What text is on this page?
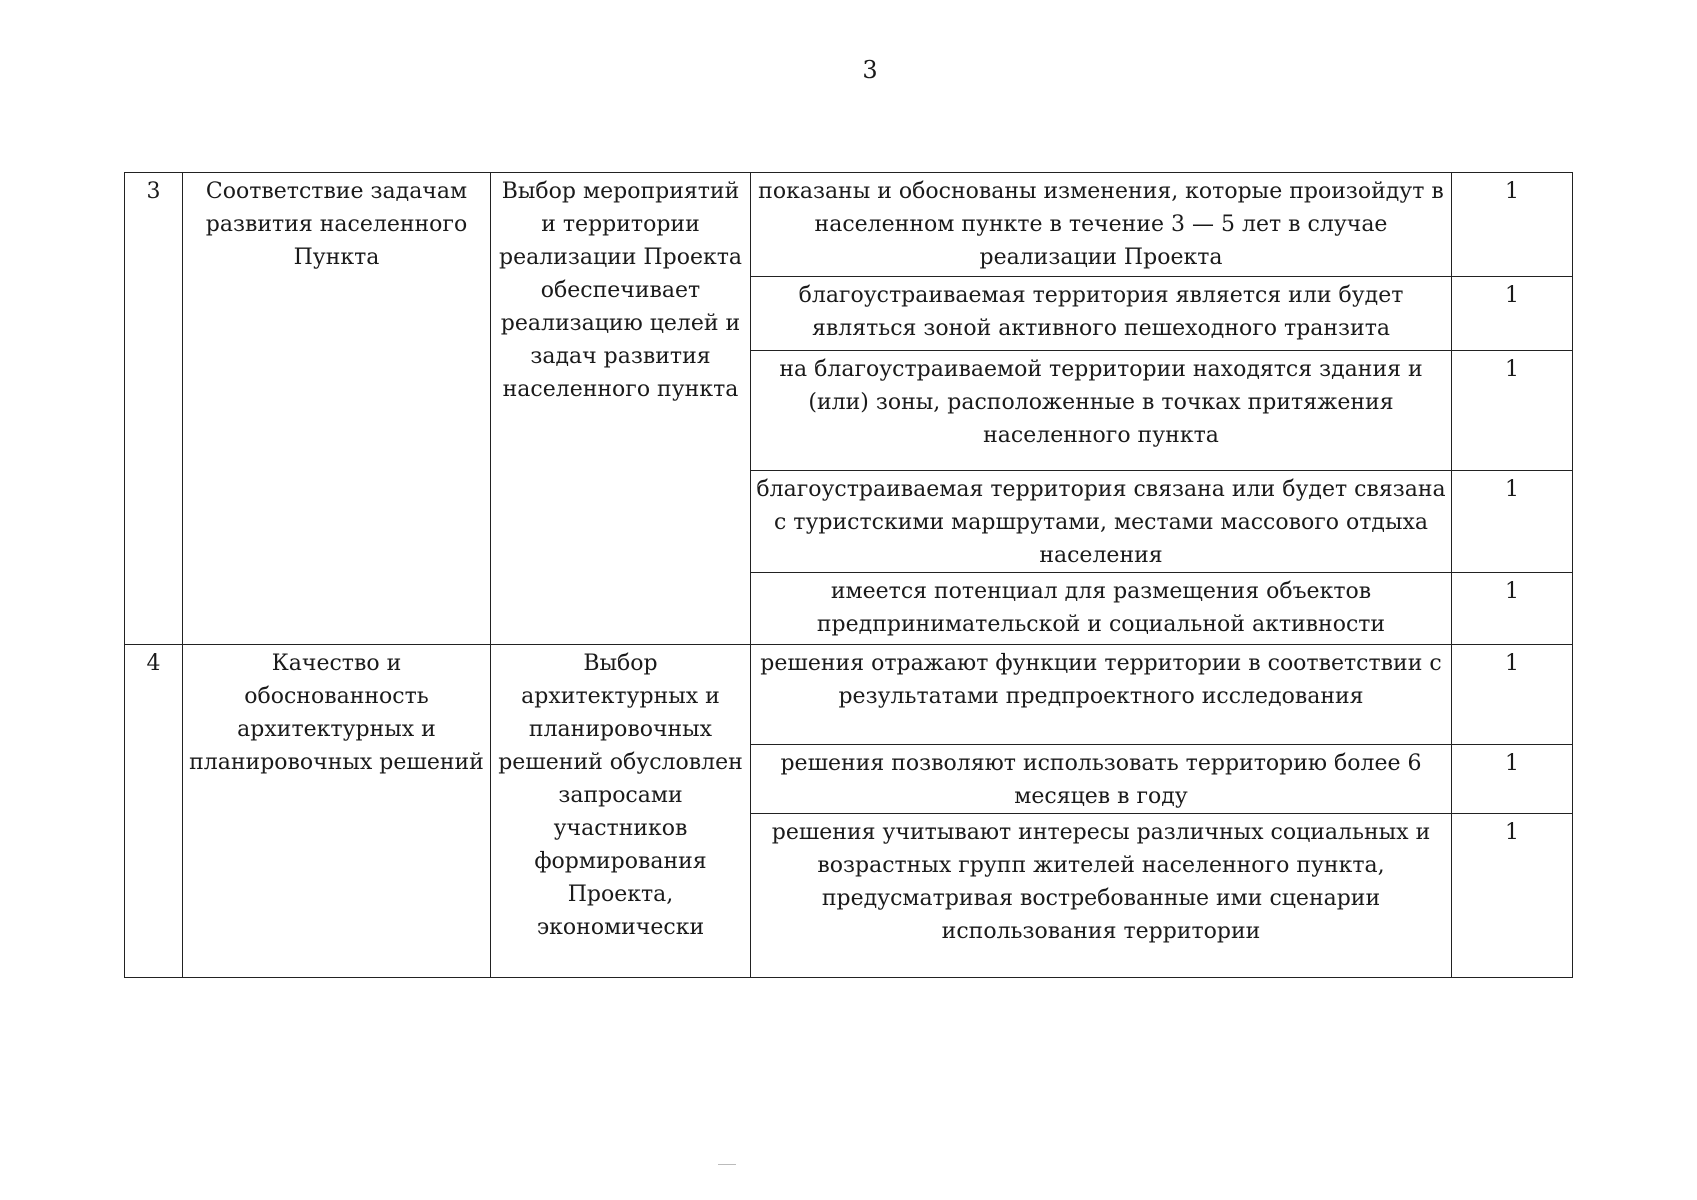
3
3	Соответствие задачам развития населенного Пункта	Выбор мероприятий и территории реализации Проекта обеспечивает реализацию целей и задач развития населенного пункта	показаны и обоснованы изменения, которые произойдут в населенном пункте в течение 3 — 5 лет в случае реализации Проекта	1
			благоустраиваемая территория является или будет являться зоной активного пешеходного транзита	1
			на благоустраиваемой территории находятся здания и (или) зоны, расположенные в точках притяжения населенного пункта	1
			благоустраиваемая территория связана или будет связана с туристскими маршрутами, местами массового отдыха населения	1
			имеется потенциал для размещения объектов предпринимательской и социальной активности	1
4	Качество и обоснованность архитектурных и планировочных решений	Выбор архитектурных и планировочных решений обусловлен запросами участников формирования Проекта, экономически	решения отражают функции территории в соответствии с результатами предпроектного исследования	1
			решения позволяют использовать территорию более 6 месяцев в году	1
			решения учитывают интересы различных социальных и возрастных групп жителей населенного пункта, предусматривая востребованные ими сценарии использования территории	1
